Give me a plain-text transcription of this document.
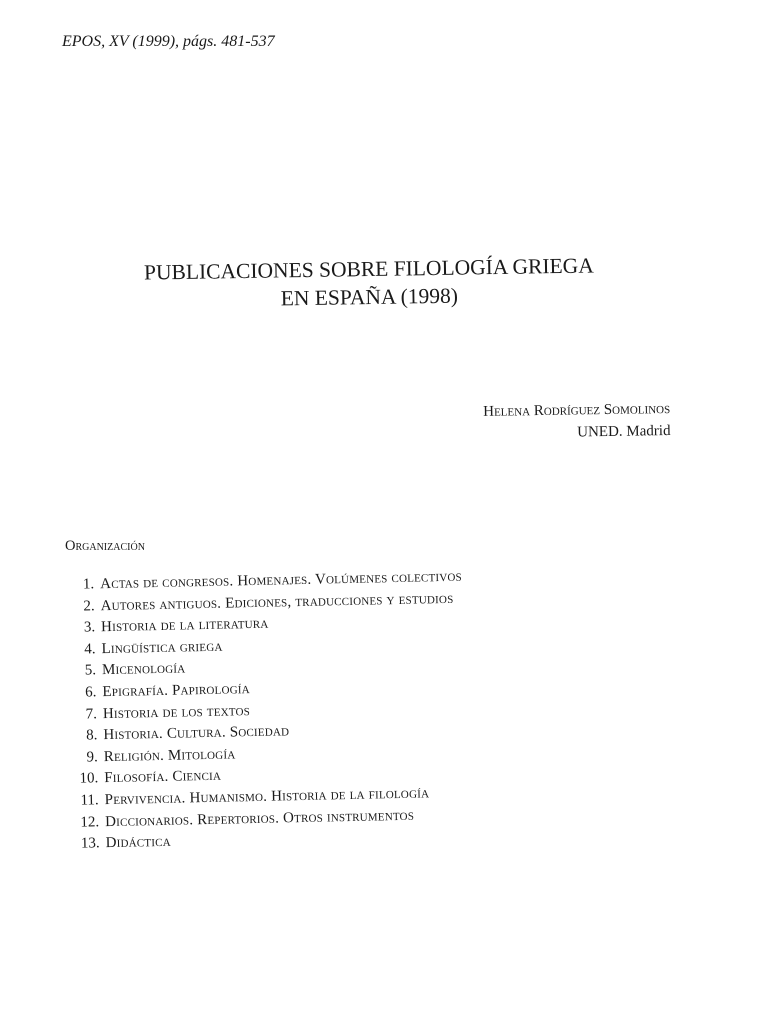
EPOS, XV (1999), págs. 481-537
PUBLICACIONES SOBRE FILOLOGÍA GRIEGA
EN ESPAÑA (1998)
Helena Rodríguez Somolinos
UNED. Madrid
Organización
1. Actas de congresos. Homenajes. Volúmenes colectivos
2. Autores antiguos. Ediciones, traducciones y estudios
3. Historia de la literatura
4. Lingüística griega
5. Micenología
6. Epigrafía. Papirología
7. Historia de los textos
8. Historia. Cultura. Sociedad
9. Religión. Mitología
10. Filosofía. Ciencia
11. Pervivencia. Humanismo. Historia de la filología
12. Diccionarios. Repertorios. Otros instrumentos
13. Didáctica
